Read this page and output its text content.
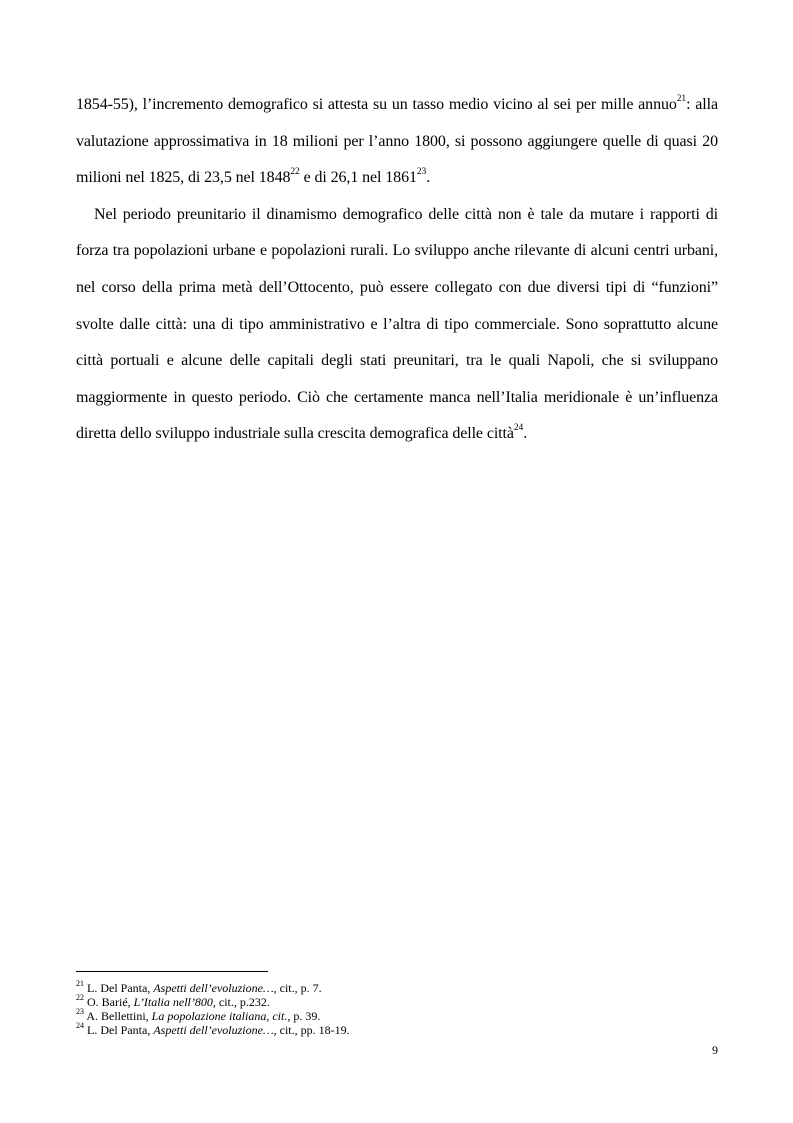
1854-55), l’incremento demografico si attesta su un tasso medio vicino al sei per mille annuo$^{21}$: alla valutazione approssimativa in 18 milioni per l’anno 1800, si possono aggiungere quelle di quasi 20 milioni nel 1825, di 23,5 nel 1848$^{22}$ e di 26,1 nel 1861$^{23}$.

Nel periodo preunitario il dinamismo demografico delle città non è tale da mutare i rapporti di forza tra popolazioni urbane e popolazioni rurali. Lo sviluppo anche rilevante di alcuni centri urbani, nel corso della prima metà dell’Ottocento, può essere collegato con due diversi tipi di “funzioni” svolte dalle città: una di tipo amministrativo e l’altra di tipo commerciale. Sono soprattutto alcune città portuali e alcune delle capitali degli stati preunitari, tra le quali Napoli, che si sviluppano maggiormente in questo periodo. Ciò che certamente manca nell’Italia meridionale è un’influenza diretta dello sviluppo industriale sulla crescita demografica delle città$^{24}$.

$^{21}$ L. Del Panta, Aspetti dell’evoluzione…, cit., p. 7.

$^{22}$ O. Barié, L’Italia nell’800, cit., p.232.

$^{23}$ A. Bellettini, La popolazione italiana, cit., p. 39.

$^{24}$ L. Del Panta, Aspetti dell’evoluzione…, cit., pp. 18-19.

9
